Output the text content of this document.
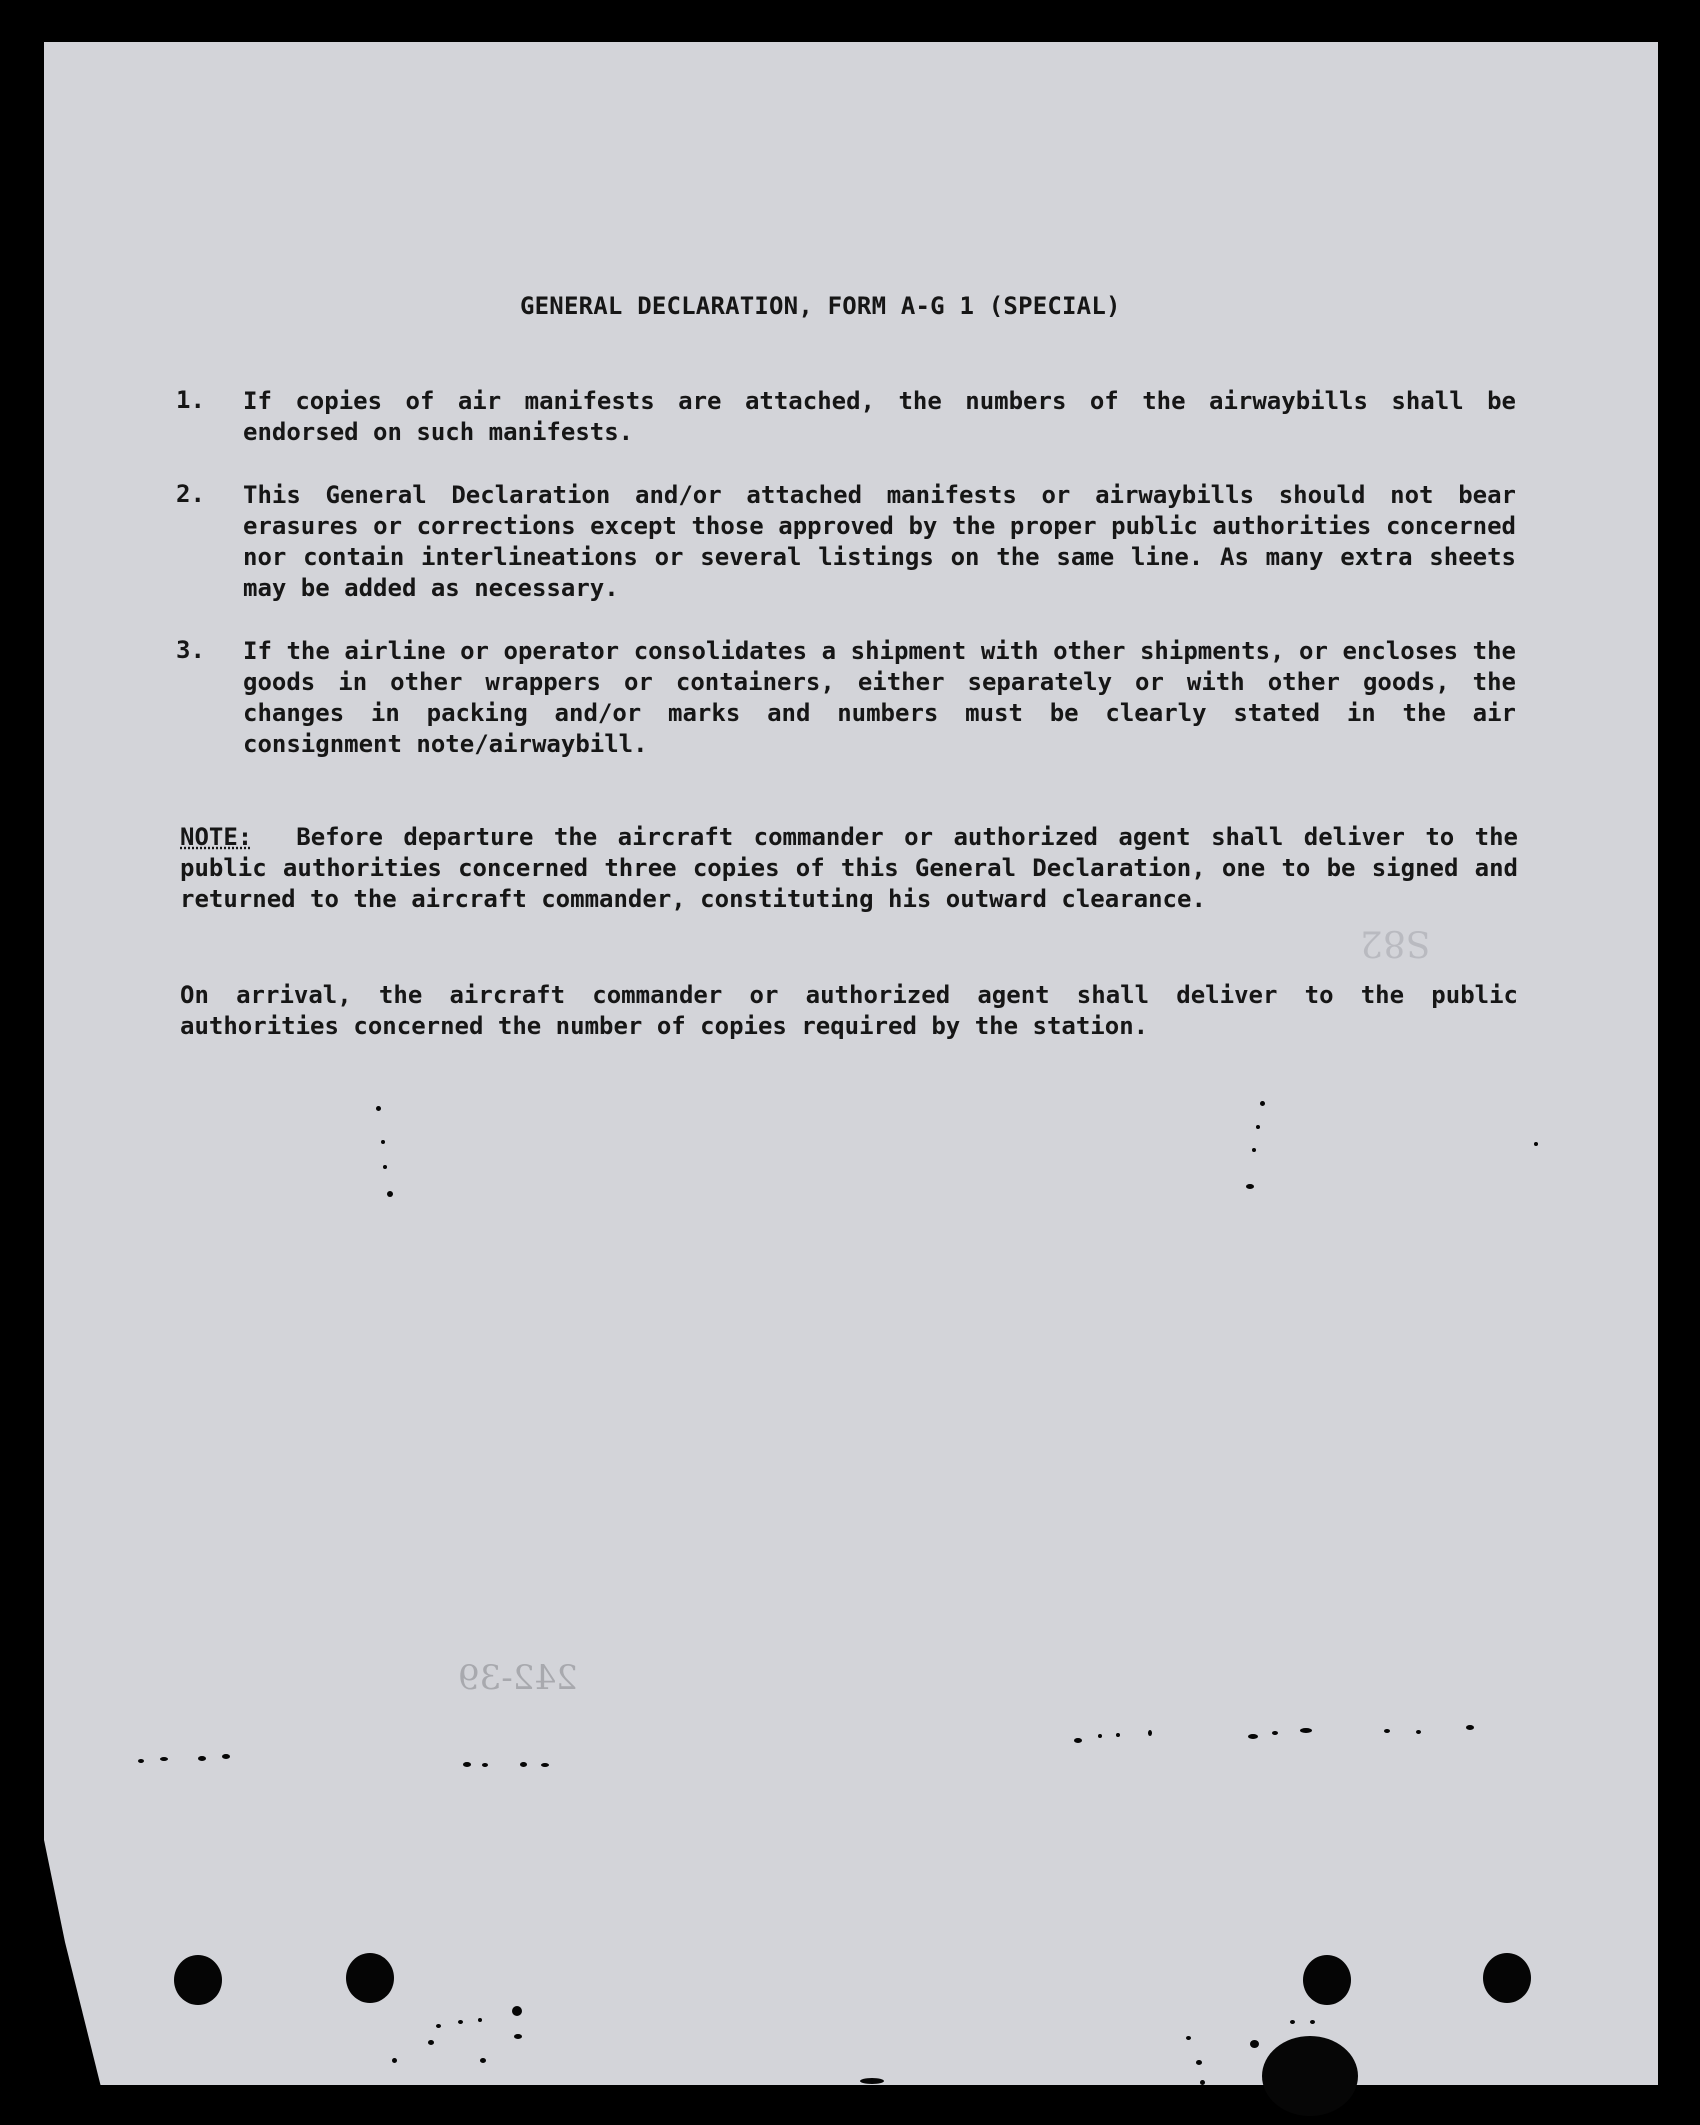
GENERAL DECLARATION, FORM A-G 1 (SPECIAL)
1. If copies of air manifests are attached, the numbers of the airwaybills shall be endorsed on such manifests.
2. This General Declaration and/or attached manifests or airwaybills should not bear erasures or corrections except those approved by the proper public authorities concerned nor contain interlineations or several listings on the same line. As many extra sheets may be added as necessary.
3. If the airline or operator consolidates a shipment with other shipments, or encloses the goods in other wrappers or containers, either separately or with other goods, the changes in packing and/or marks and numbers must be clearly stated in the air consignment note/airwaybill.
NOTE: Before departure the aircraft commander or authorized agent shall deliver to the public authorities concerned three copies of this General Declaration, one to be signed and returned to the aircraft commander, constituting his outward clearance.
On arrival, the aircraft commander or authorized agent shall deliver to the public authorities concerned the number of copies required by the station.
S82
242-39
